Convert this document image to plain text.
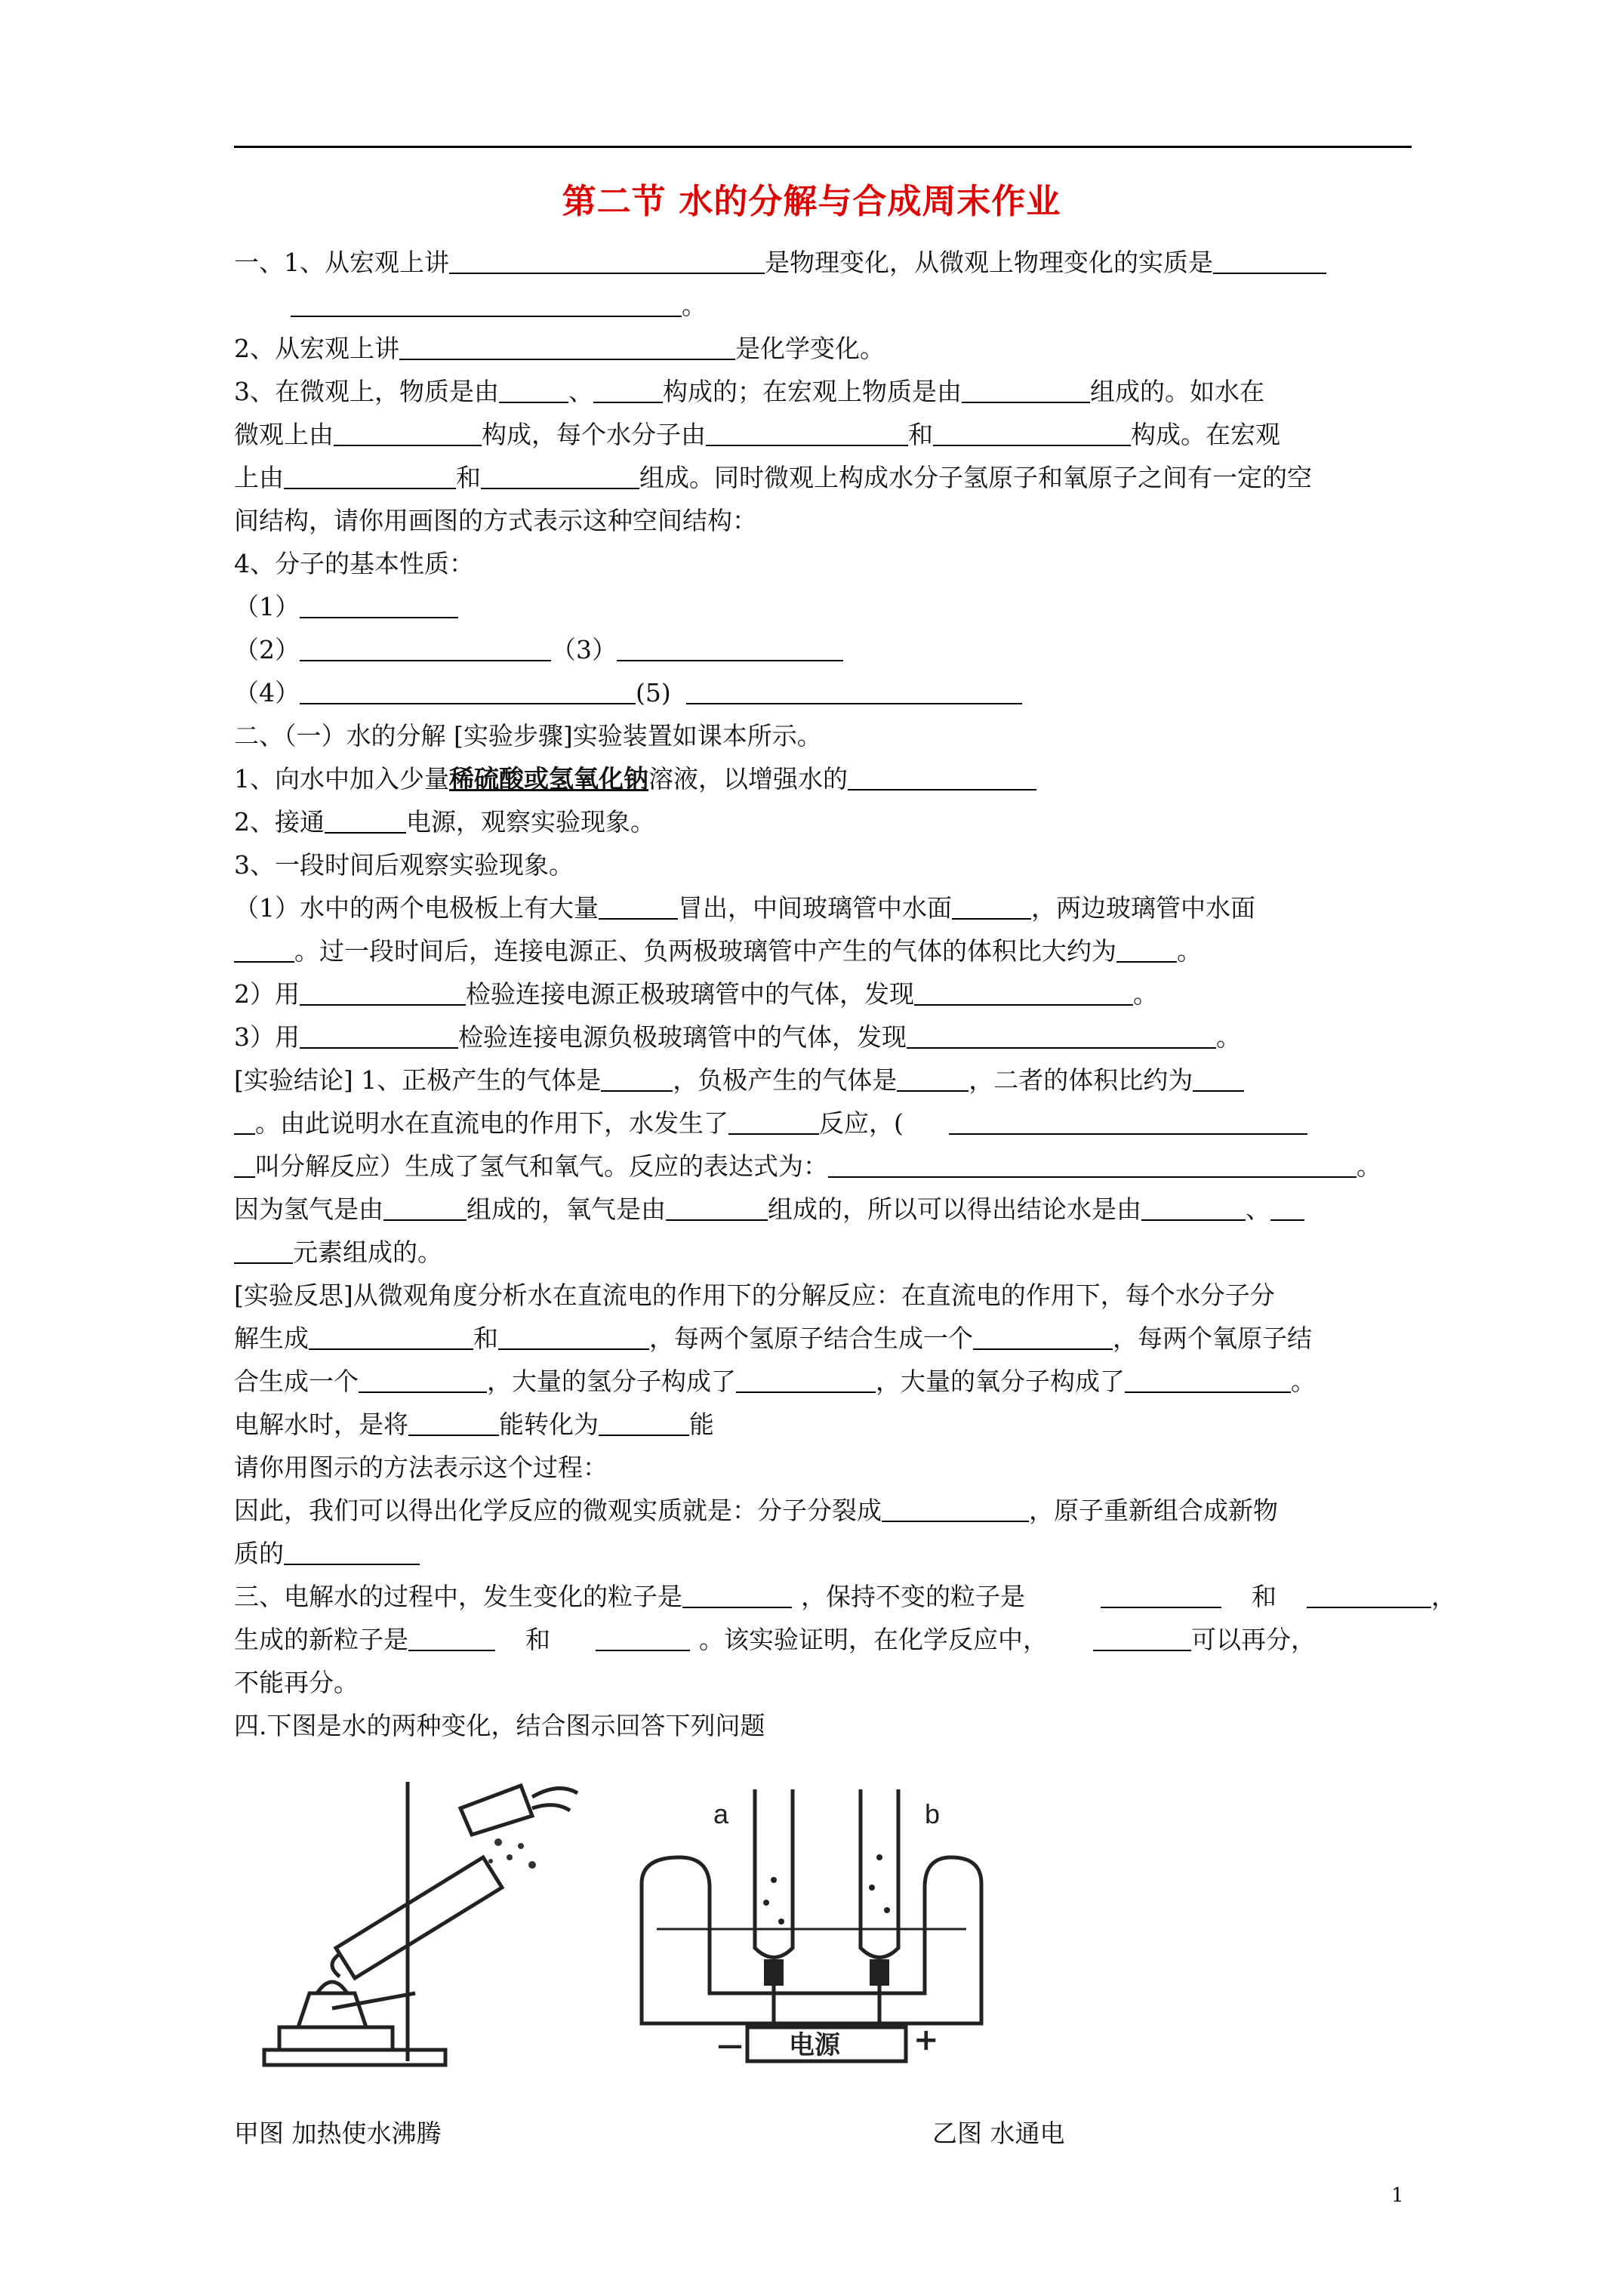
第二节 水的分解与合成周末作业
一、1、从宏观上讲	是物理变化，从微观上物理变化的实质是
。
2、从宏观上讲	是化学变化。
3、在微观上，物质是由	、	构成的；在宏观上物质是由	组成的。如水在
微观上由	构成，每个水分子由	和	构成。在宏观
上由	和	组成。同时微观上构成水分子氢原子和氧原子之间有一定的空
间结构，请你用画图的方式表示这种空间结构：
4、分子的基本性质：
（1）
（2）	（3）
（4）	(5)
二、（一）水的分解 [实验步骤]实验装置如课本所示。
1、向水中加入少量稀硫酸或氢氧化钠溶液，以增强水的
2、接通	电源，观察实验现象。
3、一段时间后观察实验现象。
（1）水中的两个电极板上有大量	冒出，中间玻璃管中水面	，两边玻璃管中水面
。过一段时间后，连接电源正、负两极玻璃管中产生的气体的体积比大约为 。
2）用	检验连接电源正极玻璃管中的气体，发现	。
3）用	检验连接电源负极玻璃管中的气体，发现	。
[实验结论] 1、正极产生的气体是	，负极产生的气体是	，二者的体积比约为
。由此说明水在直流电的作用下，水发生了	反应，(
叫分解反应）生成了氢气和氧气。反应的表达式为：	。
因为氢气是由	组成的，氧气是由	组成的，所以可以得出结论水是由	、
元素组成的。
[实验反思]从微观角度分析水在直流电的作用下的分解反应：在直流电的作用下，每个水分子分
解生成	和	，每两个氢原子结合生成一个	，每两个氧原子结
合生成一个	，大量的氢分子构成了	，大量的氧分子构成了	。
电解水时，是将	能转化为	能
请你用图示的方法表示这个过程：
因此，我们可以得出化学反应的微观实质就是：分子分裂成	，原子重新组合成新物
质的
三、电解水的过程中，发生变化的粒子是	，保持不变的粒子是	和	，
生成的新粒子是	和	。该实验证明，在化学反应中，	可以再分，
不能再分。
四.下图是水的两种变化，结合图示回答下列问题
a	b
电源
—	+
甲图 加热使水沸腾	乙图 水通电
1
